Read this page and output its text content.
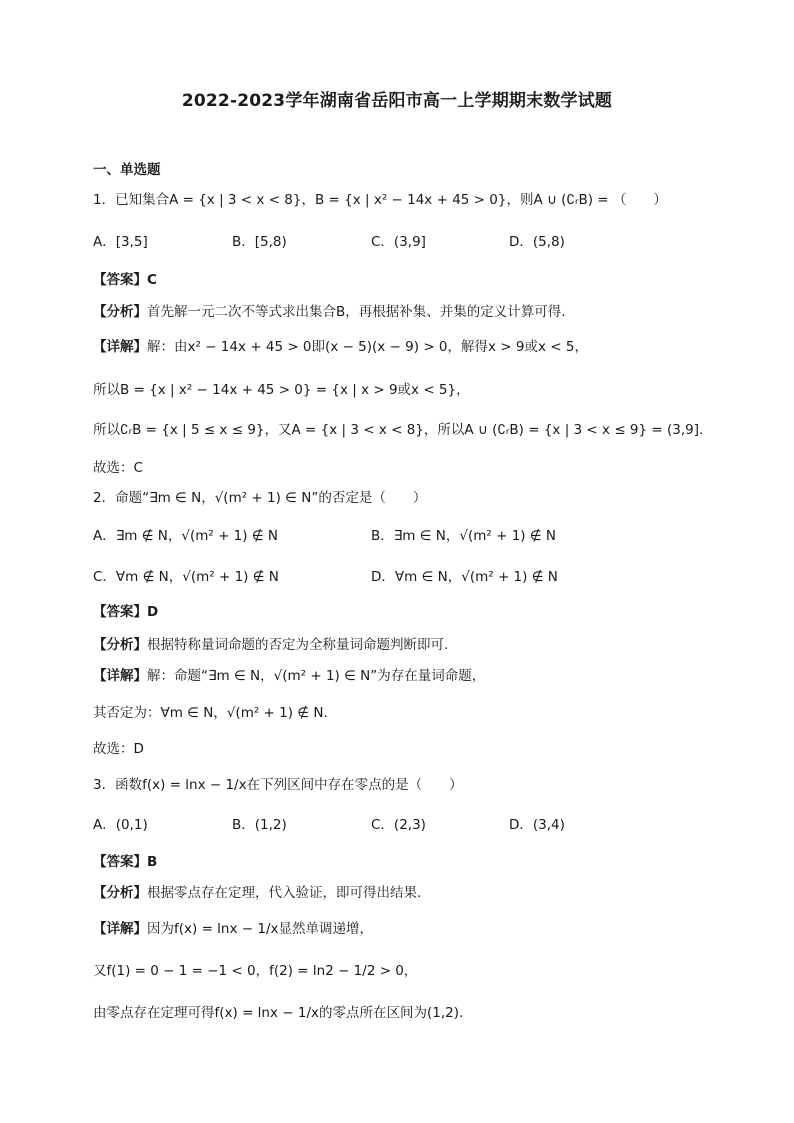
2022-2023学年湖南省岳阳市高一上学期期末数学试题
一、单选题
1．已知集合A = {x | 3 < x < 8}，B = {x | x² − 14x + 45 > 0}，则A ∪ (∁ᵣB) = （　　）
A．[3,5]	B．[5,8)	C．(3,9]	D．(5,8)
【答案】C
【分析】首先解一元二次不等式求出集合B，再根据补集、并集的定义计算可得.
【详解】解：由x² − 14x + 45 > 0即(x − 5)(x − 9) > 0，解得x > 9或x < 5，
所以B = {x | x² − 14x + 45 > 0} = {x | x > 9或x < 5}，
所以∁ᵣB = {x | 5 ≤ x ≤ 9}，又A = {x | 3 < x < 8}，所以A ∪ (∁ᵣB) = {x | 3 < x ≤ 9} = (3,9].
故选：C
2．命题“∃m ∈ N，√(m² + 1) ∈ N”的否定是（　　）
A．∃m ∉ N，√(m² + 1) ∉ N	B．∃m ∈ N，√(m² + 1) ∉ N
C．∀m ∉ N，√(m² + 1) ∉ N	D．∀m ∈ N，√(m² + 1) ∉ N
【答案】D
【分析】根据特称量词命题的否定为全称量词命题判断即可.
【详解】解：命题“∃m ∈ N，√(m² + 1) ∈ N”为存在量词命题，
其否定为：∀m ∈ N，√(m² + 1) ∉ N.
故选：D
3．函数f(x) = lnx − 1/x在下列区间中存在零点的是（　　）
A．(0,1)	B．(1,2)	C．(2,3)	D．(3,4)
【答案】B
【分析】根据零点存在定理，代入验证，即可得出结果.
【详解】因为f(x) = lnx − 1/x显然单调递增，
又f(1) = 0 − 1 = −1 < 0，f(2) = ln2 − 1/2 > 0，
由零点存在定理可得f(x) = lnx − 1/x的零点所在区间为(1,2).
